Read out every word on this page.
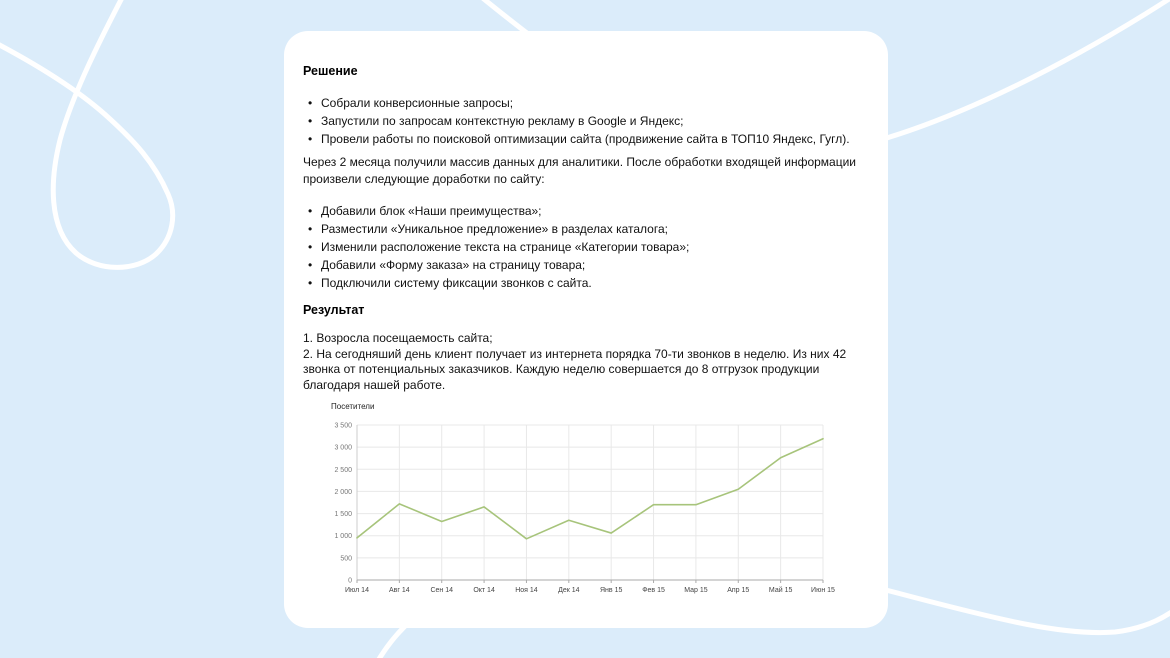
Решение
• Собрали конверсионные запросы;
• Запустили по запросам контекстную рекламу в Google и Яндекс;
• Провели работы по поисковой оптимизации сайта (продвижение сайта в ТОП10 Яндекс, Гугл).

Через 2 месяца получили массив данных для аналитики. После обработки входящей информации произвели следующие доработки по сайту:

• Добавили блок «Наши преимущества»;
• Разместили «Уникальное предложение» в разделах каталога;
• Изменили расположение текста на странице «Категории товара»;
• Добавили «Форму заказа» на страницу товара;
• Подключили систему фиксации звонков с сайта.
Результат

1. Возросла посещаемость сайта;

2. На сегодняший день клиент получает из интернета порядка 70-ти звонков в неделю. Из них 42 звонка от потенциальных заказчиков. Каждую неделю совершается до 8 отгрузок продукции благодаря нашей работе.

Посетители
0
500
1 000
1 500
2 000
2 500
3 000
3 500
Июл 14	Авг 14	Сен 14	Окт 14	Ноя 14	Дек 14	Янв 15	Фев 15	Мар 15	Апр 15	Май 15	Июн 15
